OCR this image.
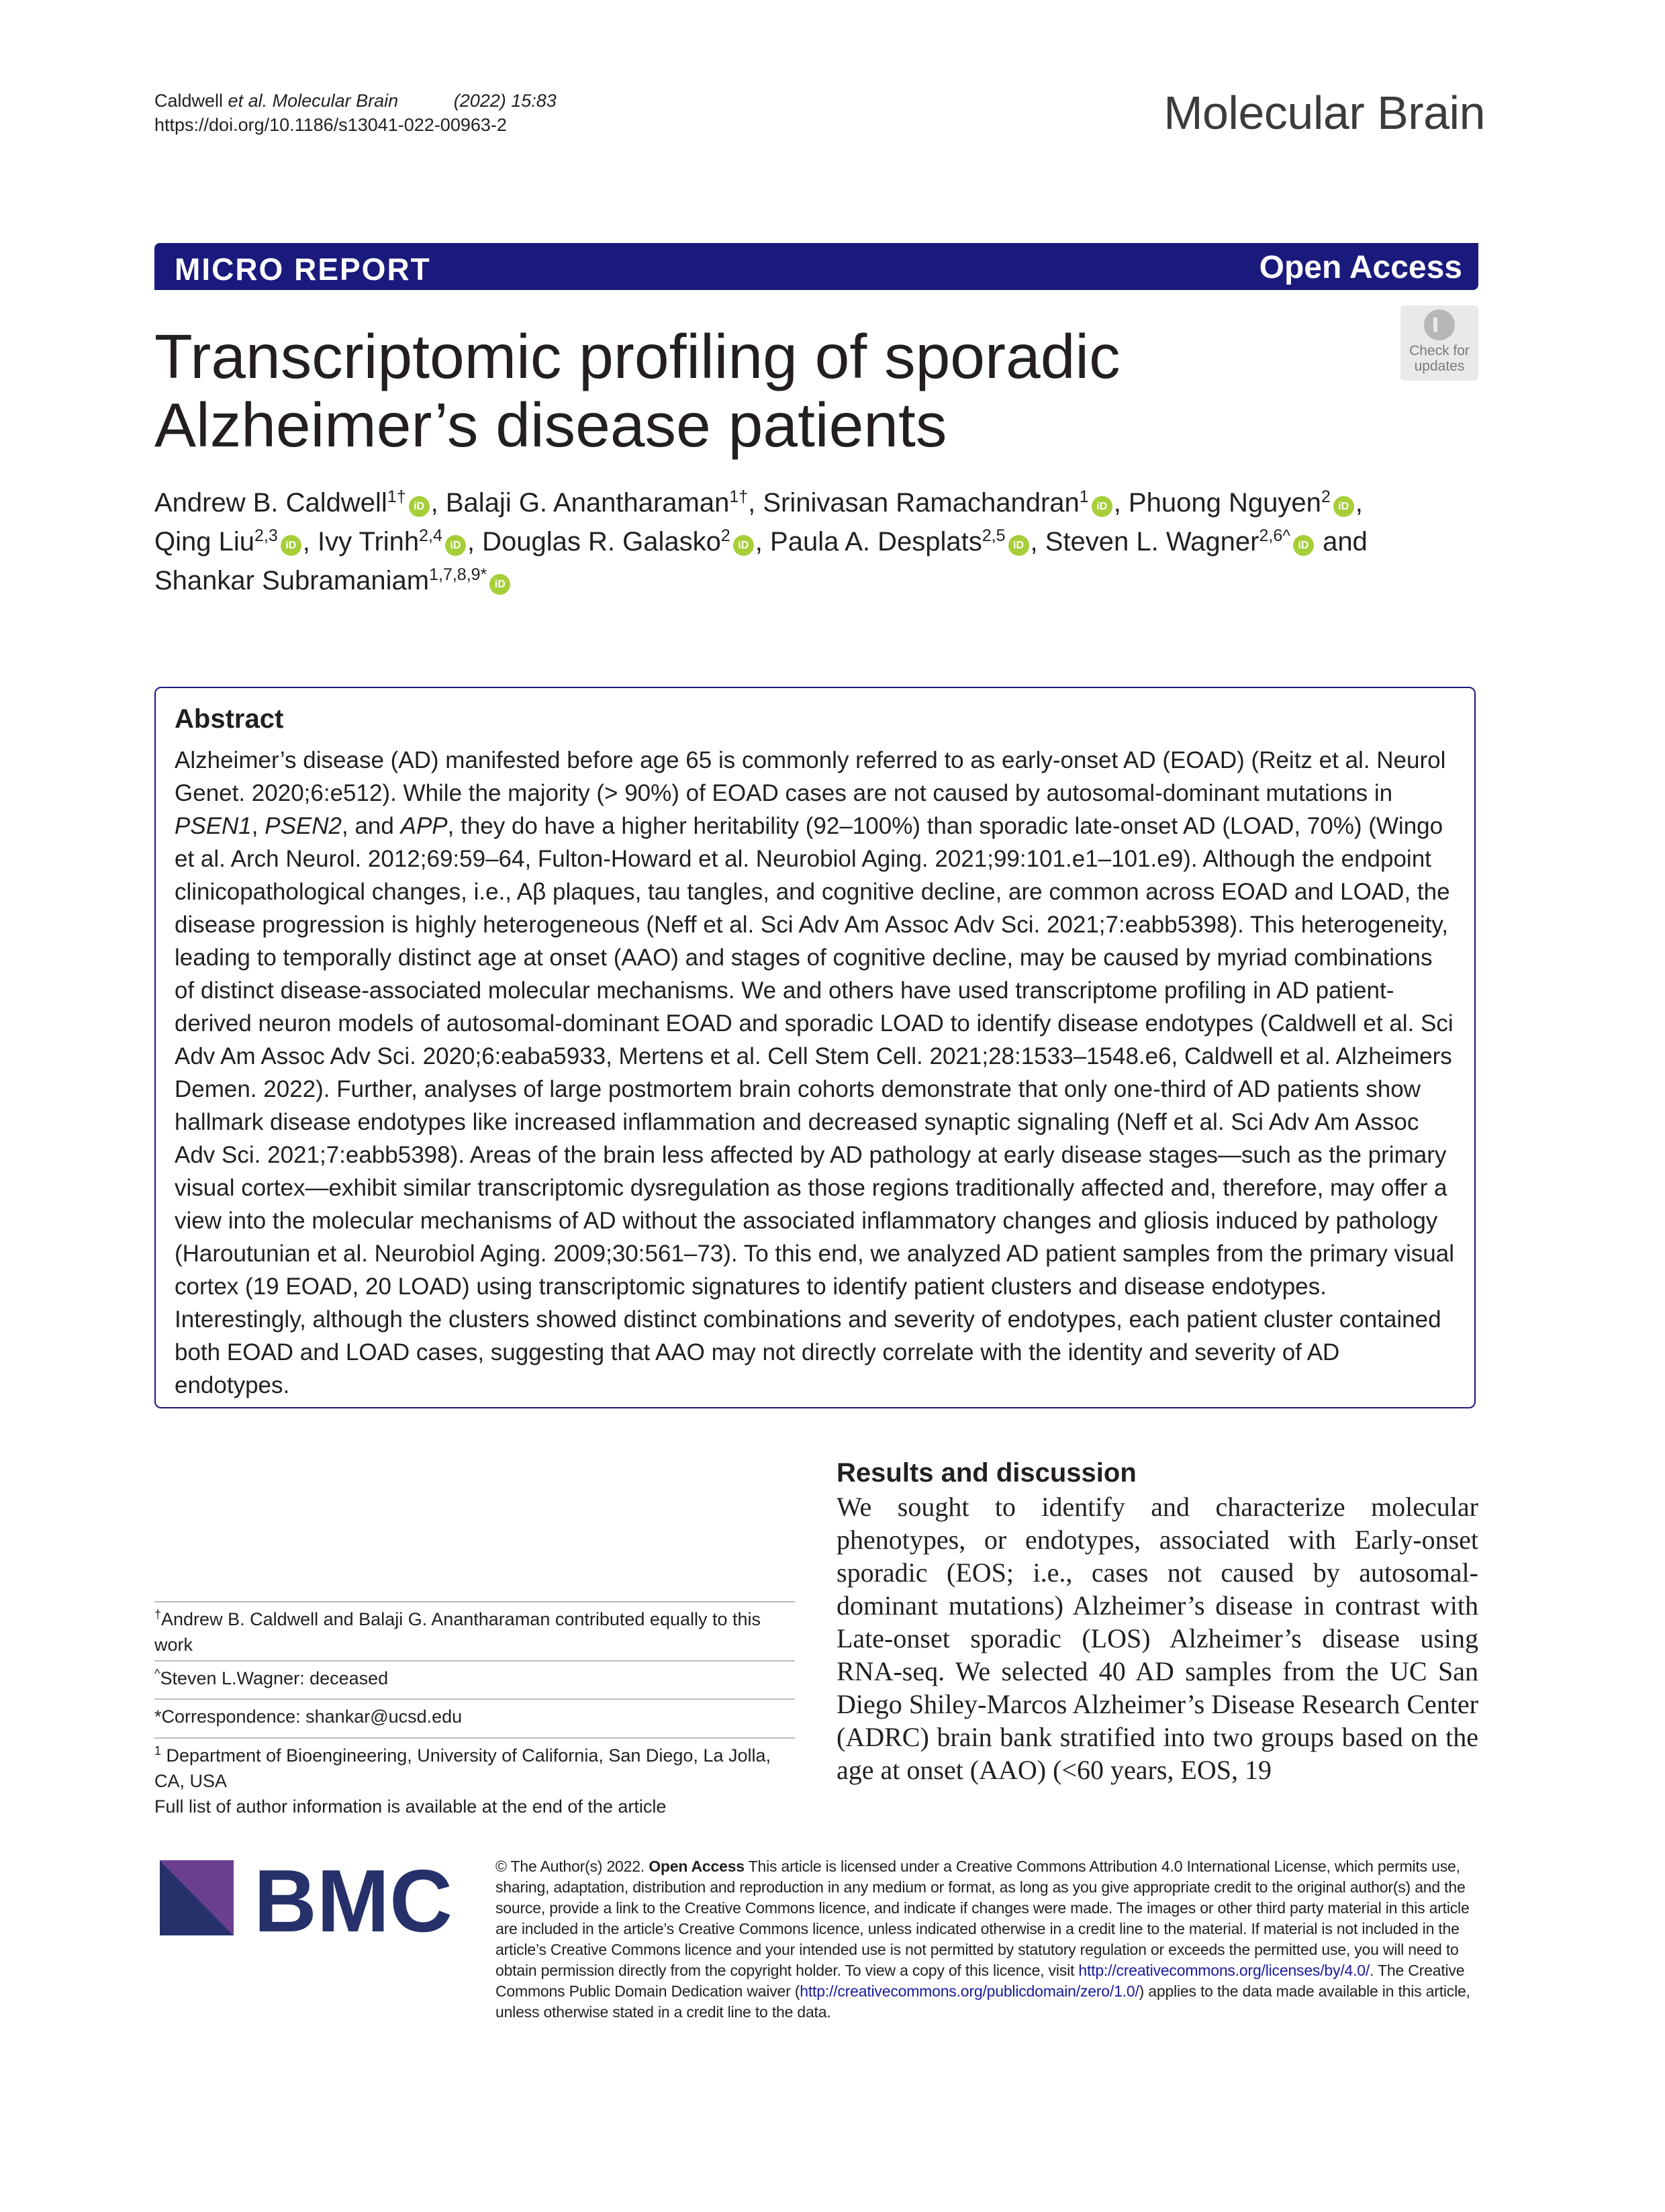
Caldwell et al. Molecular Brain	(2022) 15:83
https://doi.org/10.1186/s13041-022-00963-2	Molecular Brain
MICRO REPORT	Open Access
Check for
updates
Transcriptomic profiling of sporadic
Alzheimer’s disease patients
Andrew B. Caldwell$^{1\dagger}$iD , Balaji G. Anantharaman$^{1\dagger}$, Srinivasan Ramachandran$^1$iD , Phuong Nguyen$^2$iD ,
Qing Liu$^{2,3}$iD , Ivy Trinh$^{2,4}$iD , Douglas R. Galasko$^2$iD , Paula A. Desplats$^{2,5}$iD , Steven L. Wagner$^{2,6\^{}}$iD and
Shankar Subramaniam$^{1,7,8,9*}$iD
Abstract
Alzheimer’s disease (AD) manifested before age 65 is commonly referred to as early-onset AD (EOAD) (Reitz et al. Neurol Genet. 2020;6:e512). While the majority (> 90%) of EOAD cases are not caused by autosomal-dominant mutations in PSEN1, PSEN2, and APP, they do have a higher heritability (92–100%) than sporadic late-onset AD (LOAD, 70%) (Wingo et al. Arch Neurol. 2012;69:59–64, Fulton-Howard et al. Neurobiol Aging. 2021;99:101.e1–101.e9). Although the endpoint clinicopathological changes, i.e., Aβ plaques, tau tangles, and cognitive decline, are common across EOAD and LOAD, the disease progression is highly heterogeneous (Neff et al. Sci Adv Am Assoc Adv Sci. 2021;7:eabb5398). This heterogeneity, leading to temporally distinct age at onset (AAO) and stages of cognitive decline, may be caused by myriad combinations of distinct disease-associated molecular mechanisms. We and others have used transcriptome profiling in AD patient-derived neuron models of autosomal-dominant EOAD and sporadic LOAD to identify disease endotypes (Caldwell et al. Sci Adv Am Assoc Adv Sci. 2020;6:eaba5933, Mertens et al. Cell Stem Cell. 2021;28:1533–1548.e6, Caldwell et al. Alzheimers Demen. 2022). Further, analyses of large postmortem brain cohorts demonstrate that only one-third of AD patients show hallmark disease endotypes like increased inflammation and decreased synaptic signaling (Neff et al. Sci Adv Am Assoc Adv Sci. 2021;7:eabb5398). Areas of the brain less affected by AD pathology at early disease stages—such as the primary visual cortex—exhibit similar transcriptomic dysregulation as those regions traditionally affected and, therefore, may offer a view into the molecular mechanisms of AD without the associated inflammatory changes and gliosis induced by pathology (Haroutunian et al. Neurobiol Aging. 2009;30:561–73). To this end, we analyzed AD patient samples from the primary visual cortex (19 EOAD, 20 LOAD) using transcriptomic signatures to identify patient clusters and disease endotypes. Interestingly, although the clusters showed distinct combinations and severity of endotypes, each patient cluster contained both EOAD and LOAD cases, suggesting that AAO may not directly correlate with the identity and severity of AD endotypes.
†Andrew B. Caldwell and Balaji G. Anantharaman contributed equally to this work
^Steven L.Wagner: deceased
*Correspondence: shankar@ucsd.edu
$^1$ Department of Bioengineering, University of California, San Diego, La Jolla, CA, USA
Full list of author information is available at the end of the article
Results and discussion
We sought to identify and characterize molecular phenotypes, or endotypes, associated with Early-onset sporadic (EOS; i.e., cases not caused by autosomal-dominant mutations) Alzheimer’s disease in contrast with Late-onset sporadic (LOS) Alzheimer’s disease using RNA-seq. We selected 40 AD samples from the UC San Diego Shiley-Marcos Alzheimer’s Disease Research Center (ADRC) brain bank stratified into two groups based on the age at onset (AAO) (<60 years, EOS, 19
BMC	© The Author(s) 2022. Open Access This article is licensed under a Creative Commons Attribution 4.0 International License, which permits use, sharing, adaptation, distribution and reproduction in any medium or format, as long as you give appropriate credit to the original author(s) and the source, provide a link to the Creative Commons licence, and indicate if changes were made. The images or other third party material in this article are included in the article’s Creative Commons licence, unless indicated otherwise in a credit line to the material. If material is not included in the article’s Creative Commons licence and your intended use is not permitted by statutory regulation or exceeds the permitted use, you will need to obtain permission directly from the copyright holder. To view a copy of this licence, visit http://creativecommons.org/licenses/by/4.0/. The Creative Commons Public Domain Dedication waiver (http://creativecommons.org/publicdomain/zero/1.0/) applies to the data made available in this article, unless otherwise stated in a credit line to the data.
